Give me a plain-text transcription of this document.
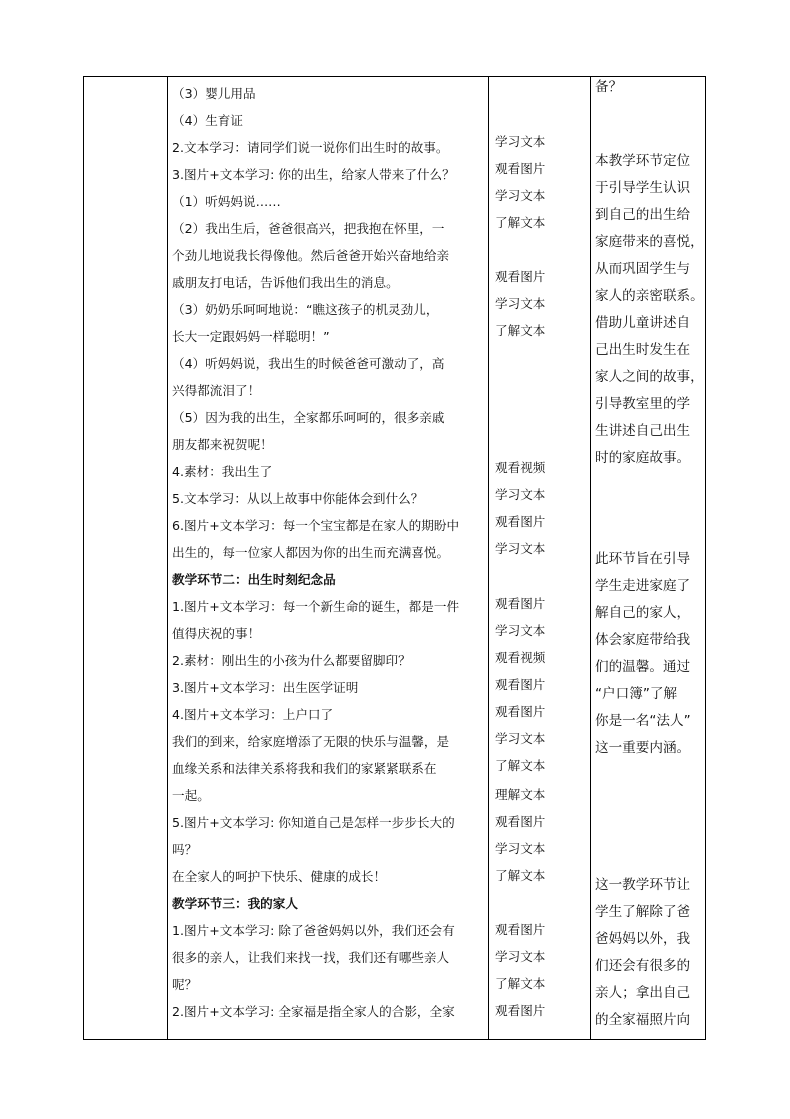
（3）婴儿用品
（4）生育证
2.文本学习：请同学们说一说你们出生时的故事。
3.图片+文本学习: 你的出生，给家人带来了什么？
（1）听妈妈说……
（2）我出生后，爸爸很高兴，把我抱在怀里，一
个劲儿地说我长得像他。然后爸爸开始兴奋地给亲
戚朋友打电话，告诉他们我出生的消息。
（3）奶奶乐呵呵地说：“瞧这孩子的机灵劲儿，
长大一定跟妈妈一样聪明！”
（4）听妈妈说，我出生的时候爸爸可激动了，高
兴得都流泪了！
（5）因为我的出生，全家都乐呵呵的，很多亲戚
朋友都来祝贺呢！
4.素材：我出生了
5.文本学习：从以上故事中你能体会到什么？
6.图片+文本学习：每一个宝宝都是在家人的期盼中
出生的，每一位家人都因为你的出生而充满喜悦。
教学环节二：出生时刻纪念品
1.图片+文本学习：每一个新生命的诞生，都是一件
值得庆祝的事！
2.素材：刚出生的小孩为什么都要留脚印？
3.图片+文本学习：出生医学证明
4.图片+文本学习：上户口了
我们的到来，给家庭增添了无限的快乐与温馨，是
血缘关系和法律关系将我和我们的家紧紧联系在
一起。
5.图片+文本学习: 你知道自己是怎样一步步长大的
吗？
在全家人的呵护下快乐、健康的成长！
教学环节三：我的家人
1.图片+文本学习: 除了爸爸妈妈以外，我们还会有
很多的亲人，让我们来找一找，我们还有哪些亲人
呢？
2.图片+文本学习: 全家福是指全家人的合影，全家
学习文本
观看图片
学习文本
了解文本
观看图片
学习文本
了解文本
观看视频
学习文本
观看图片
学习文本
观看图片
学习文本
观看视频
观看图片
观看图片
学习文本
了解文本
理解文本
观看图片
学习文本
了解文本
观看图片
学习文本
了解文本
观看图片
备？
本教学环节定位
于引导学生认识
到自己的出生给
家庭带来的喜悦，
从而巩固学生与
家人的亲密联系。
借助儿童讲述自
己出生时发生在
家人之间的故事，
引导教室里的学
生讲述自己出生
时的家庭故事。
此环节旨在引导
学生走进家庭了
解自己的家人，
体会家庭带给我
们的温馨。通过
“户口簿”了解
你是一名“法人”
这一重要内涵。
这一教学环节让
学生了解除了爸
爸妈妈以外，我
们还会有很多的
亲人；拿出自己
的全家福照片向
